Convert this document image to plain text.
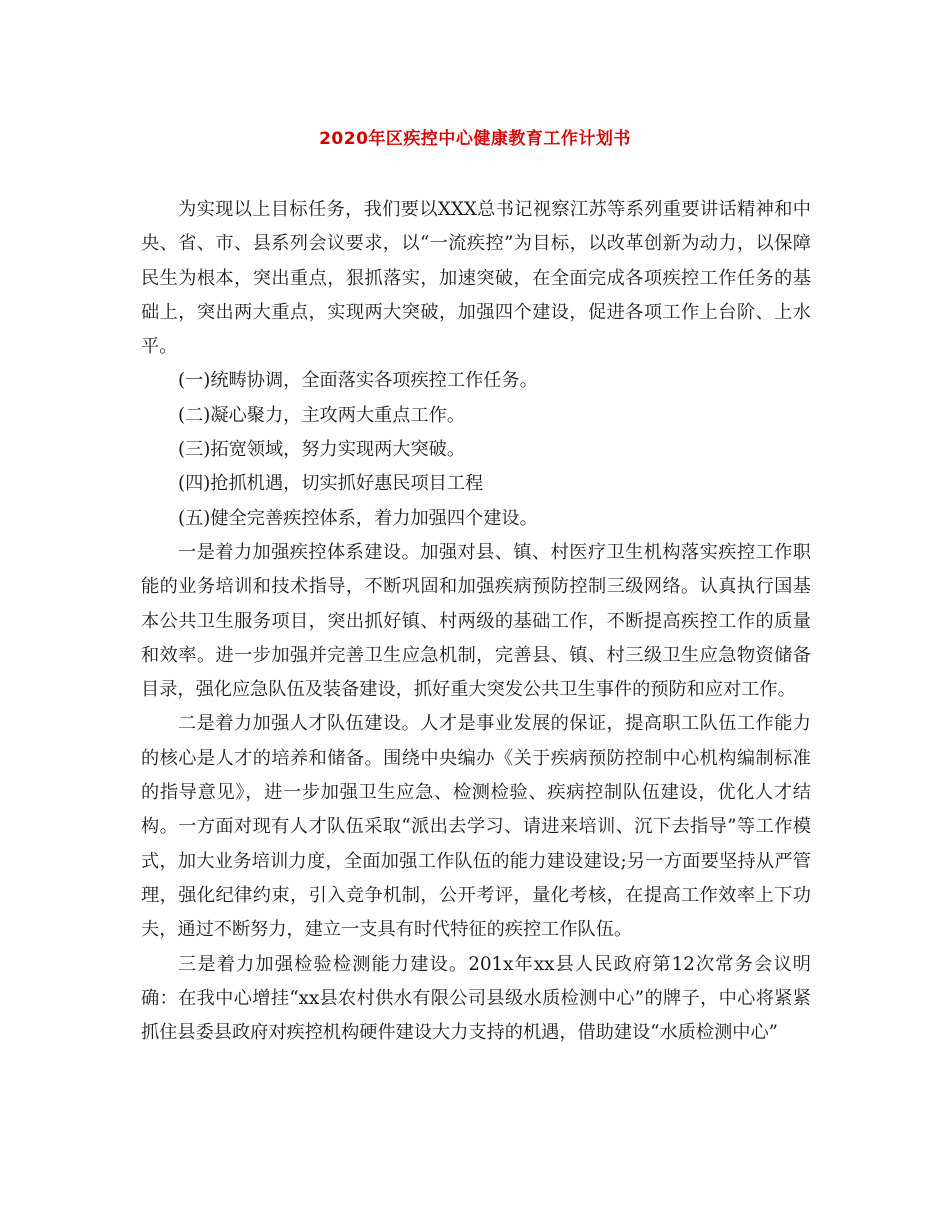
2020年区疾控中心健康教育工作计划书

为实现以上目标任务，我们要以XXX总书记视察江苏等系列重要讲话精神和中央、省、市、县系列会议要求，以“一流疾控”为目标，以改革创新为动力，以保障民生为根本，突出重点，狠抓落实，加速突破，在全面完成各项疾控工作任务的基础上，突出两大重点，实现两大突破，加强四个建设，促进各项工作上台阶、上水平。

(一)统畴协调，全面落实各项疾控工作任务。

(二)凝心聚力，主攻两大重点工作。

(三)拓宽领域，努力实现两大突破。

(四)抢抓机遇，切实抓好惠民项目工程

(五)健全完善疾控体系，着力加强四个建设。

一是着力加强疾控体系建设。加强对县、镇、村医疗卫生机构落实疾控工作职能的业务培训和技术指导，不断巩固和加强疾病预防控制三级网络。认真执行国基本公共卫生服务项目，突出抓好镇、村两级的基础工作，不断提高疾控工作的质量和效率。进一步加强并完善卫生应急机制，完善县、镇、村三级卫生应急物资储备目录，强化应急队伍及装备建设，抓好重大突发公共卫生事件的预防和应对工作。

二是着力加强人才队伍建设。人才是事业发展的保证，提高职工队伍工作能力的核心是人才的培养和储备。围绕中央编办《关于疾病预防控制中心机构编制标准的指导意见》，进一步加强卫生应急、检测检验、疾病控制队伍建设，优化人才结构。一方面对现有人才队伍采取“派出去学习、请进来培训、沉下去指导”等工作模式，加大业务培训力度，全面加强工作队伍的能力建设建设;另一方面要坚持从严管理，强化纪律约束，引入竞争机制，公开考评，量化考核，在提高工作效率上下功夫，通过不断努力，建立一支具有时代特征的疾控工作队伍。

三是着力加强检验检测能力建设。201x年xx县人民政府第12次常务会议明确：在我中心增挂“xx县农村供水有限公司县级水质检测中心”的牌子，中心将紧紧抓住县委县政府对疾控机构硬件建设大力支持的机遇，借助建设“水质检测中心”
